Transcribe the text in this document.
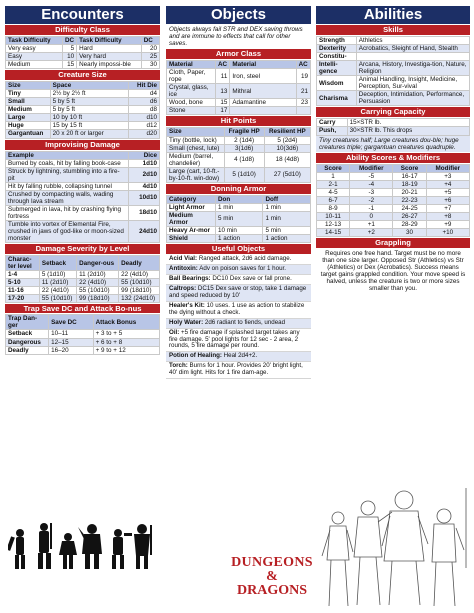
Encounters
Difficulty Class
Task Difficulty	DC	Task Difficulty	DC
Very easy	5	Hard	20
Easy	10	Very hard	25
Medium	15	Nearly impossi-ble	30
Creature Size
Size	Space	Hit Die
Tiny	2½ by 2½ ft	d4
Small	5 by 5 ft	d6
Medium	5 by 5 ft	d8
Large	10 by 10 ft	d10
Huge	15 by 15 ft	d12
Gargantuan	20 x 20 ft or larger	d20
Improvising Damage
Example	Dice
Burned by coals, hit by falling book-case	1d10
Struck by lightning, stumbling into a fire-pit	2d10
Hit by falling rubble, collapsing tunnel	4d10
Crushed by compacting walls, wading through lava stream	10d10
Submerged in lava, hit by crashing flying fortress	18d10
Tumble into vortex of Elemental Fire, crushed in jaws of god-like or moon-sized monster	24d10
Damage Severity by Level
Charac-ter level	Setback	Danger-ous	Deadly
1-4	5 (1d10)	11 (2d10)	22 (4d10)
5-10	11 (2d10)	22 (4d10)	55 (10d10)
11-16	22 (4d10)	55 (10d10)	99 (18d10)
17-20	55 (10d10)	99 (18d10)	132 (24d10)
Trap Save DC and Attack Bo-nus
Trap Dan-ger	Save DC	Attack Bonus
Setback	10–11	+ 3 to + 5
Dangerous	12–15	+ 6 to + 8
Deadly	16–20	+ 9 to + 12
Objects
Objects always fail STR and DEX saving throws and are immune to effects that call for other saves.
Armor Class
Material	AC	Material	AC
Cloth, Paper, rope	11	Iron, steel	19
Crystal, glass, ice	13	Mithral	21
Wood, bone	15	Adamantine	23
Stone	17		
Hit Points
Size	Fragile HP	Resilient HP
Tiny (bottle, lock)	2 (1d4)	5 (2d4)
Small (chest, lute)	3(1d6)	10(3d6)
Medium (barrel, chandelier)	4 (1d8)	18 (4d8)
Large (cart, 10-ft.-by-10-ft. win-dow)	5 (1d10)	27 (5d10)
Donning Armor
Category	Don	Doff
Light Armor	1 min	1 min
Medium Armor	5 min	1 min
Heavy Ar-mor	10 min	5 min
Shield	1 action	1 action
Useful Objects
Acid Vial: Ranged attack, 2d6 acid damage.
Antitoxin: Adv on poison saves for 1 hour.
Ball Bearings: DC10 Dex save or fall prone.
Caltrops: DC15 Dex save or stop, take 1 damage and speed reduced by 10'
Healer's Kit: 10 uses. 1 use as action to stabilize the dying without a check.
Holy Water: 2d6 radiant to fiends, undead
Oil: +5 fire damage if splashed target takes any fire damage. 5' pool lights for 12 sec - 2 area, 2 rounds, 5 fire damage per round.
Potion of Healing: Heal 2d4+2.
Torch: Burns for 1 hour. Provides 20' bright light, 40' dim light. Hits for 1 fire dam-age.
DUNGEONS
& DRAGONS
Abilities
Skills
Strength	Athletics
Dexterity	Acrobatics, Sleight of Hand, Stealth
Constitu-	
Intelli-gence	Arcana, History, Investiga-tion, Nature, Religion
Wisdom	Animal Handling, Insight, Medicine, Perception, Sur-vival
Charisma	Deception, Intimidation, Performance, Persuasion
Carrying Capacity
Carry	15×STR lb.
Push,	30×STR lb. This drops
Tiny creatures half; Large creatures dou-ble; huge creatures triple; gargantuan creatures quadruple.
Ability Scores & Modifiers
Score	Modifier	Score	Modifier
1	-5	16-17	+3
2-1	-4	18-19	+4
4-5	-3	20-21	+5
6-7	-2	22-23	+6
8-9	-1	24-25	+7
10-11	0	26-27	+8
12-13	+1	28-29	+9
14-15	+2	30	+10
Grappling
Requires one free hand. Target must be no more than one size larger. Opposed Str (Athletics) vs Str (Athletics) or Dex (Acrobatics). Success means target gains grappled condition. Your move speed is halved, unless the creature is two or more sizes smaller than you.
